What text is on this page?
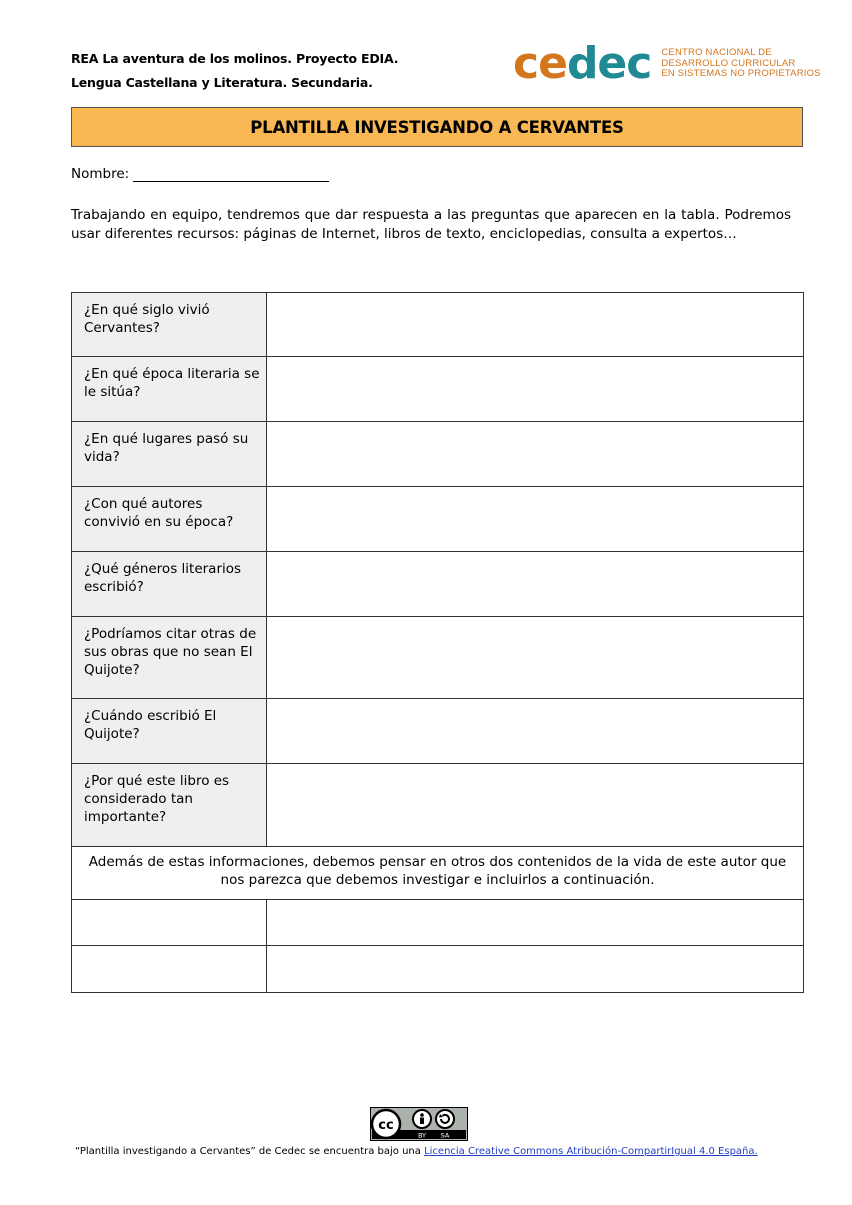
REA La aventura de los molinos. Proyecto EDIA.
Lengua Castellana y Literatura. Secundaria.	cedec CENTRO NACIONAL DE
DESARROLLO CURRICULAR
EN SISTEMAS NO PROPIETARIOS
PLANTILLA INVESTIGANDO A CERVANTES
Nombre:
Trabajando en equipo, tendremos que dar respuesta a las preguntas que aparecen en la tabla. Podremos usar diferentes recursos: páginas de Internet, libros de texto, enciclopedias, consulta a expertos…
¿En qué siglo vivió Cervantes?	
¿En qué época literaria se le sitúa?	
¿En qué lugares pasó su vida?	
¿Con qué autores convivió en su época?	
¿Qué géneros literarios escribió?	
¿Podríamos citar otras de sus obras que no sean El Quijote?	
¿Cuándo escribió El Quijote?	
¿Por qué este libro es considerado tan importante?	
Además de estas informaciones, debemos pensar en otros dos contenidos de la vida de este autor que nos parezca que debemos investigar e incluirlos a continuación.	

cc
BY SA
“Plantilla investigando a Cervantes” de Cedec se encuentra bajo una Licencia Creative Commons Atribución-CompartirIgual 4.0 España.
